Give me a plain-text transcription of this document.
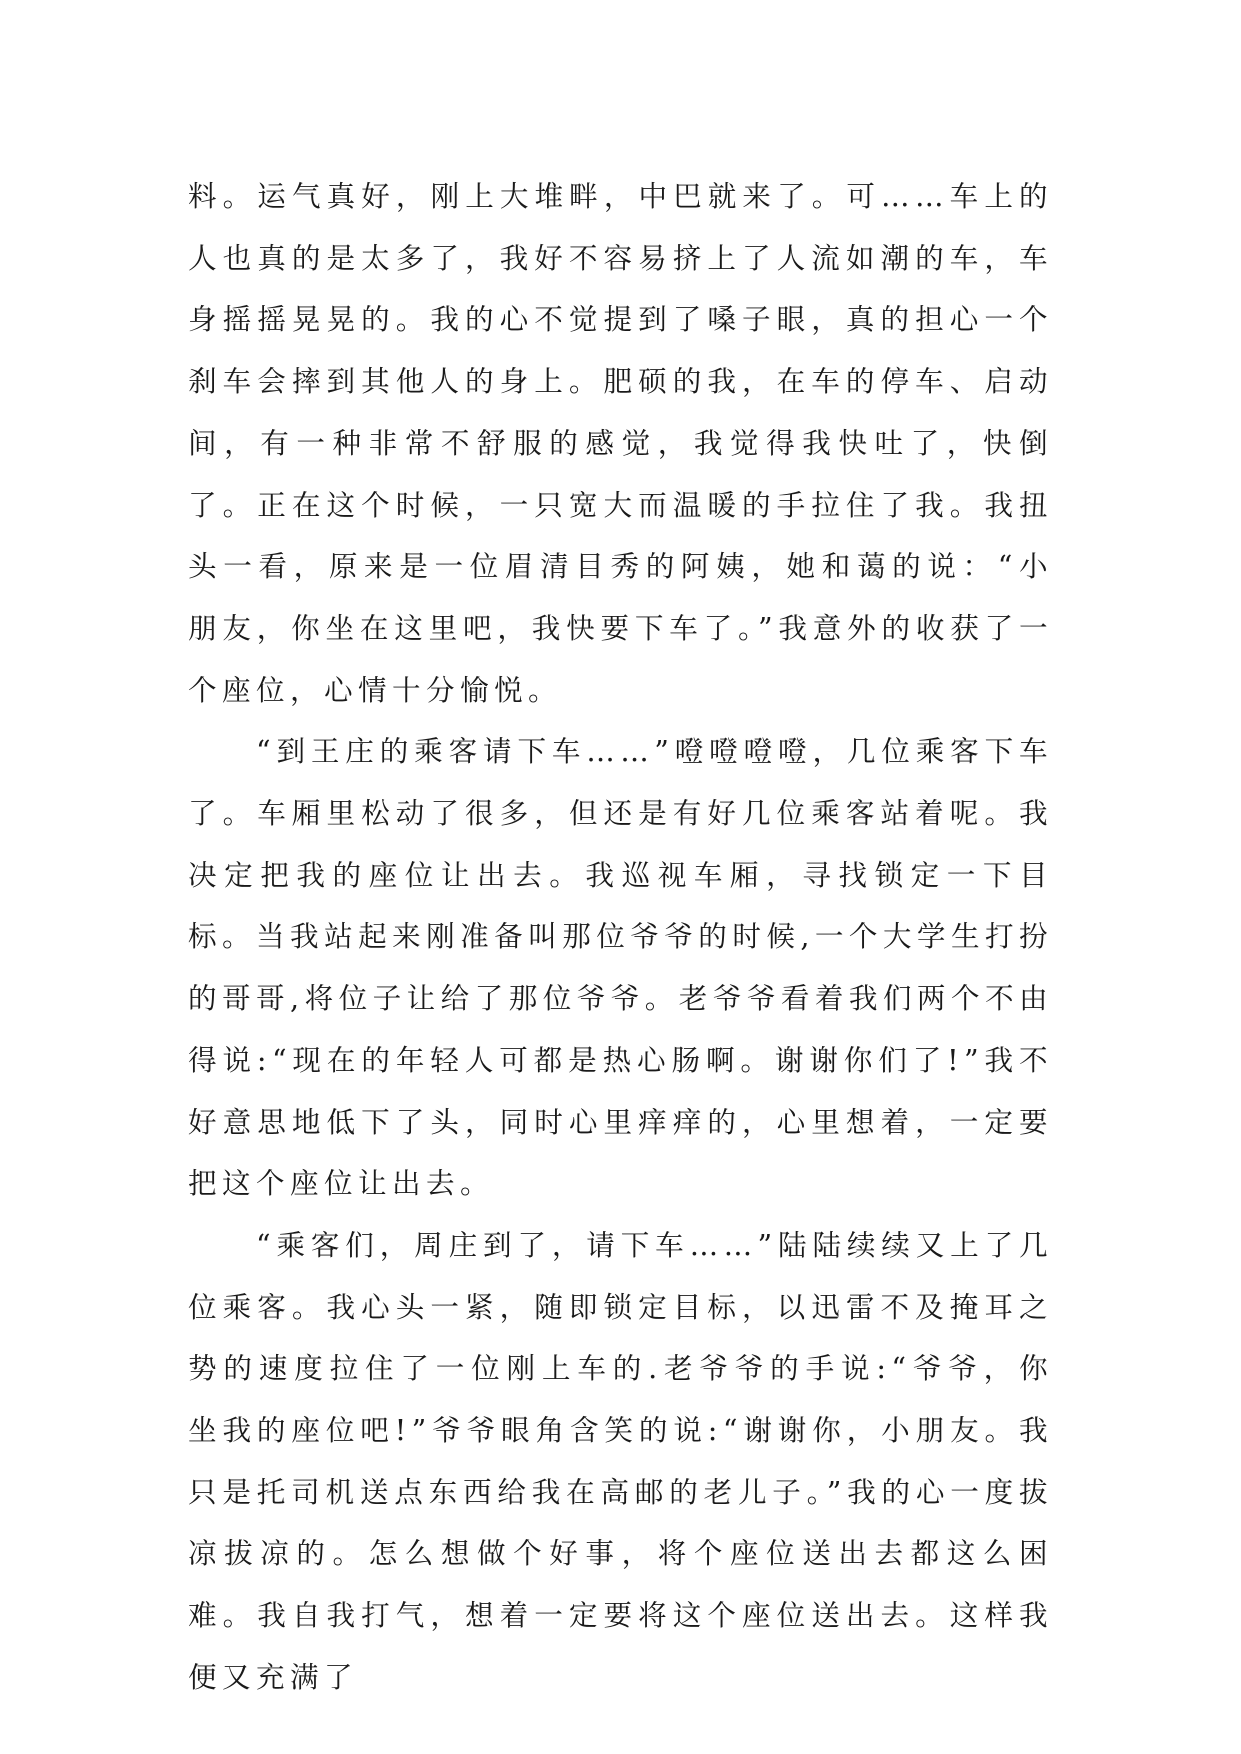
料。运气真好，刚上大堆畔，中巴就来了。可……车上的人也真的是太多了，我好不容易挤上了人流如潮的车，车身摇摇晃晃的。我的心不觉提到了嗓子眼，真的担心一个刹车会摔到其他人的身上。肥硕的我，在车的停车、启动间，有一种非常不舒服的感觉，我觉得我快吐了，快倒了。正在这个时候，一只宽大而温暖的手拉住了我。我扭头一看，原来是一位眉清目秀的阿姨，她和蔼的说：“小朋友，你坐在这里吧，我快要下车了。”我意外的收获了一个座位，心情十分愉悦。

“到王庄的乘客请下车……”噔噔噔噔，几位乘客下车了。车厢里松动了很多，但还是有好几位乘客站着呢。我决定把我的座位让出去。我巡视车厢，寻找锁定一下目标。当我站起来刚准备叫那位爷爷的时候,一个大学生打扮的哥哥,将位子让给了那位爷爷。老爷爷看着我们两个不由得说:“现在的年轻人可都是热心肠啊。谢谢你们了!”我不好意思地低下了头，同时心里痒痒的，心里想着，一定要把这个座位让出去。

“乘客们，周庄到了，请下车……”陆陆续续又上了几位乘客。我心头一紧，随即锁定目标，以迅雷不及掩耳之势的速度拉住了一位刚上车的.老爷爷的手说:“爷爷，你坐我的座位吧!”爷爷眼角含笑的说:“谢谢你，小朋友。我只是托司机送点东西给我在高邮的老儿子。”我的心一度拔凉拔凉的。怎么想做个好事，将个座位送出去都这么困难。我自我打气，想着一定要将这个座位送出去。这样我便又充满了
